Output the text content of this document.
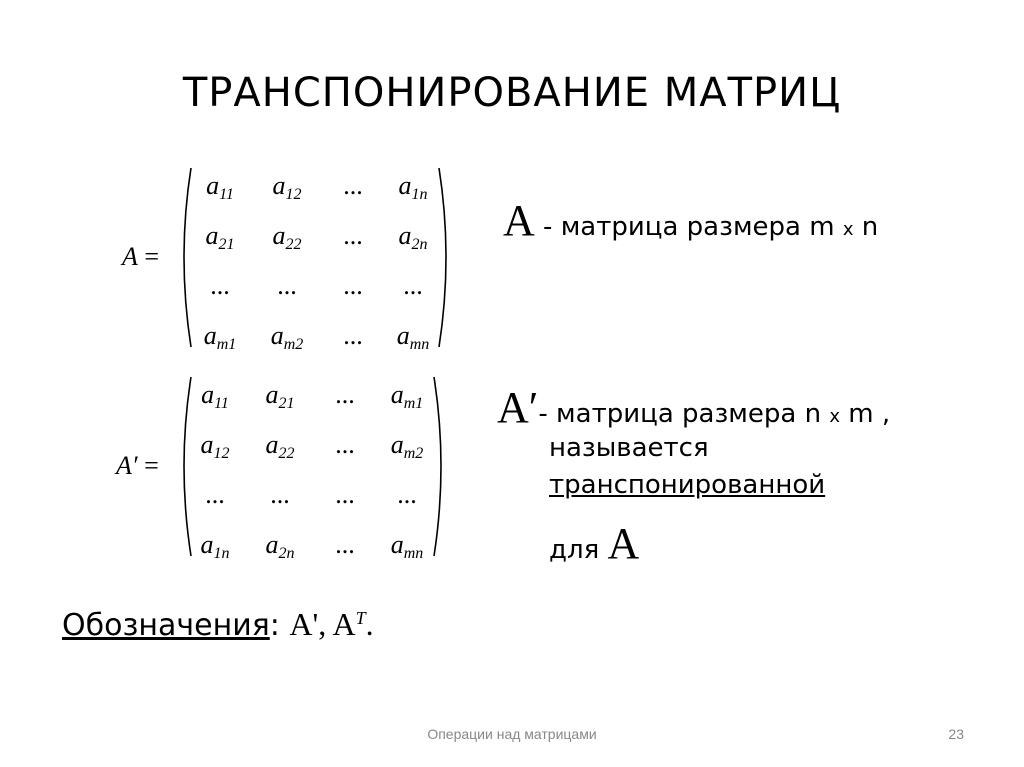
ТРАНСПОНИРОВАНИЕ МАТРИЦ
A =
$a_{11}$ $a_{12}$ ... $a_{1n}$
$a_{21}$ $a_{22}$ ... $a_{2n}$
... ... ... ...
$a_{m1}$ $a_{m2}$ ... $a_{mn}$
A′ =
$a_{11}$ $a_{21}$ ... $a_{m1}$
$a_{12}$ $a_{22}$ ... $a_{m2}$
... ... ... ...
$a_{1n}$ $a_{2n}$ ... $a_{mn}$
A - матрица размера m x n
A′- матрица размера n x m ,
называется
транспонированной
для A
Обозначения: A', $A^T$.
Операции над матрицами	23
